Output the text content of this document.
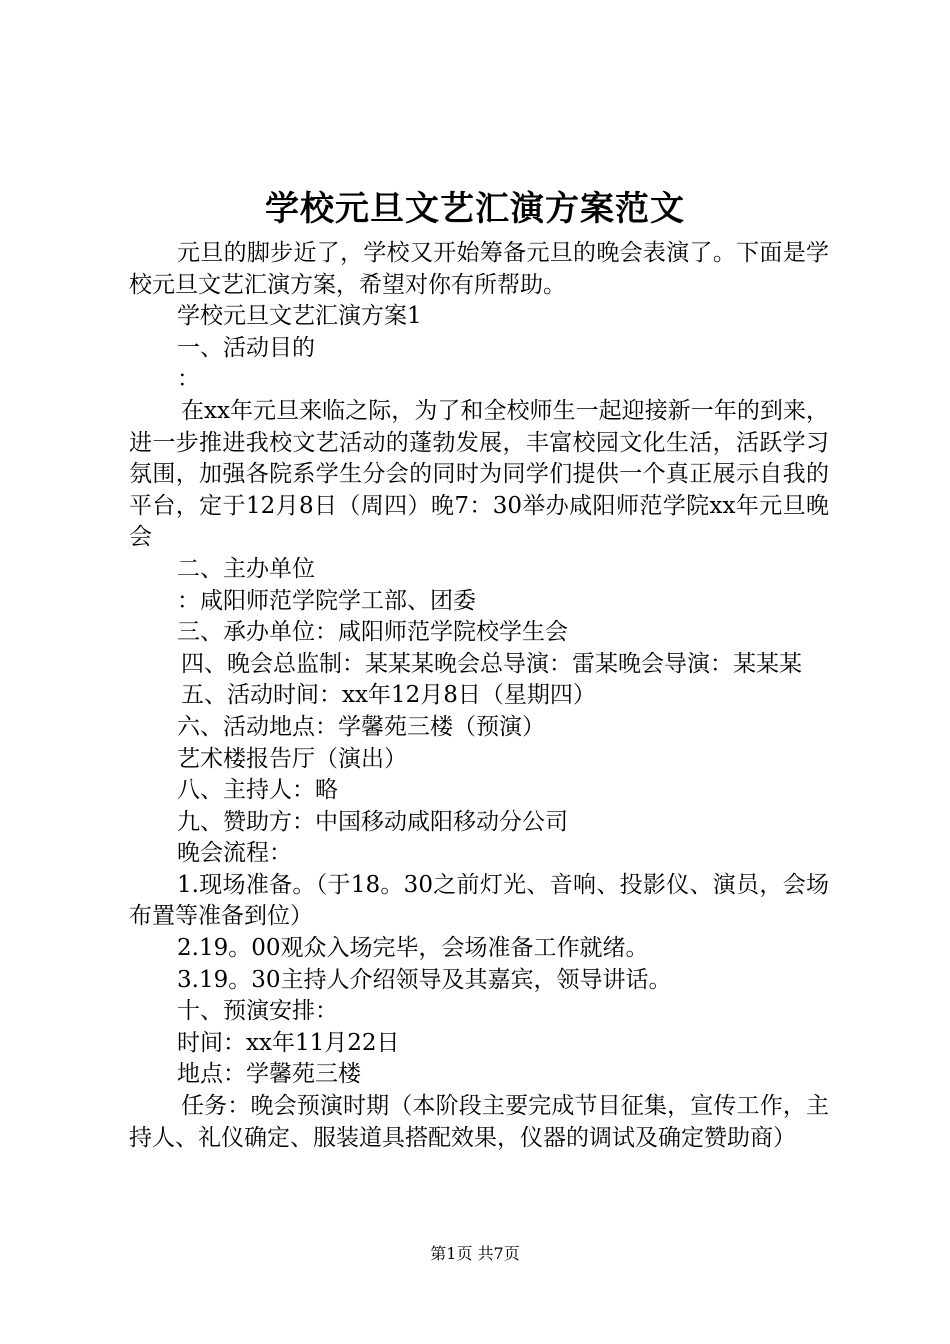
学校元旦文艺汇演方案范文

元旦的脚步近了，学校又开始筹备元旦的晚会表演了。下面是学校元旦文艺汇演方案，希望对你有所帮助。

学校元旦文艺汇演方案1

一、活动目的

：

在xx年元旦来临之际，为了和全校师生一起迎接新一年的到来，进一步推进我校文艺活动的蓬勃发展，丰富校园文化生活，活跃学习氛围，加强各院系学生分会的同时为同学们提供一个真正展示自我的平台，定于12月8日（周四）晚7：30举办咸阳师范学院xx年元旦晚会

二、主办单位

：咸阳师范学院学工部、团委

三、承办单位：咸阳师范学院校学生会

四、晚会总监制：某某某晚会总导演：雷某晚会导演：某某某

五、活动时间：xx年12月8日（星期四）

六、活动地点：学馨苑三楼（预演）

艺术楼报告厅（演出）

八、主持人：略

九、赞助方：中国移动咸阳移动分公司

晚会流程：

1.现场准备。（于18。30之前灯光、音响、投影仪、演员，会场布置等准备到位）

2.19。00观众入场完毕，会场准备工作就绪。

3.19。30主持人介绍领导及其嘉宾，领导讲话。

十、预演安排：

时间：xx年11月22日

地点：学馨苑三楼

任务：晚会预演时期（本阶段主要完成节目征集，宣传工作，主持人、礼仪确定、服装道具搭配效果，仪器的调试及确定赞助商）

第1页 共7页
